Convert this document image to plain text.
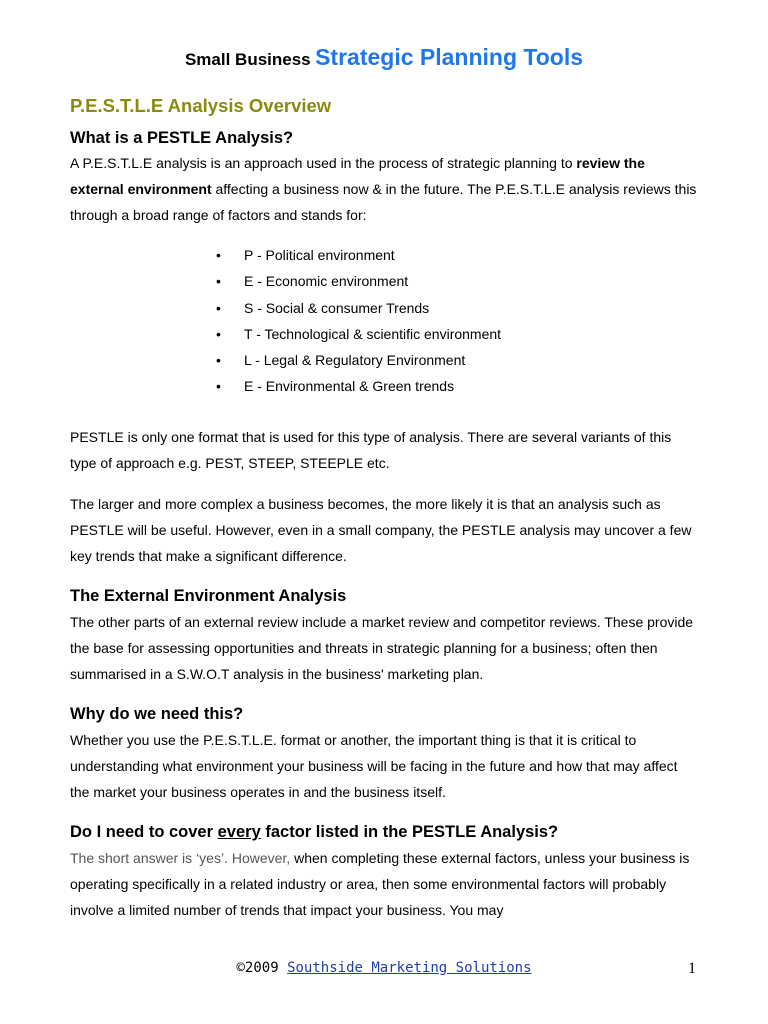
Small Business Strategic Planning Tools
P.E.S.T.L.E Analysis Overview
What is a PESTLE Analysis?

A P.E.S.T.L.E analysis is an approach used in the process of strategic planning to review the external environment affecting a business now & in the future. The P.E.S.T.L.E analysis reviews this through a broad range of factors and stands for:

• P - Political environment
• E - Economic environment
• S - Social & consumer Trends
• T - Technological & scientific environment
• L - Legal & Regulatory Environment
• E - Environmental & Green trends

PESTLE is only one format that is used for this type of analysis. There are several variants of this type of approach e.g. PEST, STEEP, STEEPLE etc.

The larger and more complex a business becomes, the more likely it is that an analysis such as PESTLE will be useful. However, even in a small company, the PESTLE analysis may uncover a few key trends that make a significant difference.

The External Environment Analysis

The other parts of an external review include a market review and competitor reviews. These provide the base for assessing opportunities and threats in strategic planning for a business; often then summarised in a S.W.O.T analysis in the business' marketing plan.

Why do we need this?

Whether you use the P.E.S.T.L.E. format or another, the important thing is that it is critical to understanding what environment your business will be facing in the future and how that may affect the market your business operates in and the business itself.

Do I need to cover every factor listed in the PESTLE Analysis?

The short answer is ‘yes’. However, when completing these external factors, unless your business is operating specifically in a related industry or area, then some environmental factors will probably involve a limited number of trends that impact your business. You may

©2009 Southside Marketing Solutions	1
